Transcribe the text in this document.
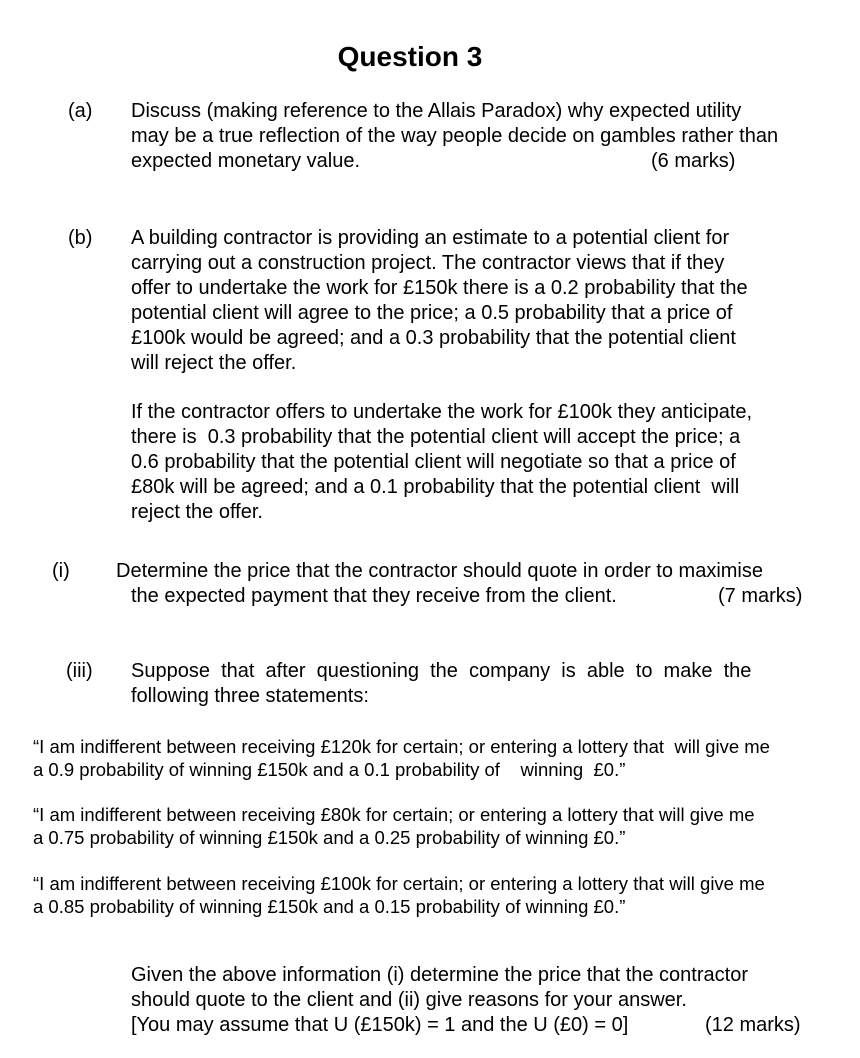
Question 3
(a) Discuss (making reference to the Allais Paradox) why expected utility
may be a true reflection of the way people decide on gambles rather than
expected monetary value.	(6 marks)
(b) A building contractor is providing an estimate to a potential client for
carrying out a construction project. The contractor views that if they
offer to undertake the work for £150k there is a 0.2 probability that the
potential client will agree to the price; a 0.5 probability that a price of
£100k would be agreed; and a 0.3 probability that the potential client
will reject the offer.
If the contractor offers to undertake the work for £100k they anticipate,
there is  0.3 probability that the potential client will accept the price; a
0.6 probability that the potential client will negotiate so that a price of
£80k will be agreed; and a 0.1 probability that the potential client  will
reject the offer.
(i) Determine the price that the contractor should quote in order to maximise
the expected payment that they receive from the client.	(7 marks)
(iii) Suppose  that  after  questioning  the  company  is  able  to  make  the
following three statements:
“I am indifferent between receiving £120k for certain; or entering a lottery that  will give me
a 0.9 probability of winning £150k and a 0.1 probability of    winning  £0.”
“I am indifferent between receiving £80k for certain; or entering a lottery that will give me
a 0.75 probability of winning £150k and a 0.25 probability of winning £0.”
“I am indifferent between receiving £100k for certain; or entering a lottery that will give me
a 0.85 probability of winning £150k and a 0.15 probability of winning £0.”
Given the above information (i) determine the price that the contractor
should quote to the client and (ii) give reasons for your answer.
[You may assume that U (£150k) = 1 and the U (£0) = 0]	(12 marks)
